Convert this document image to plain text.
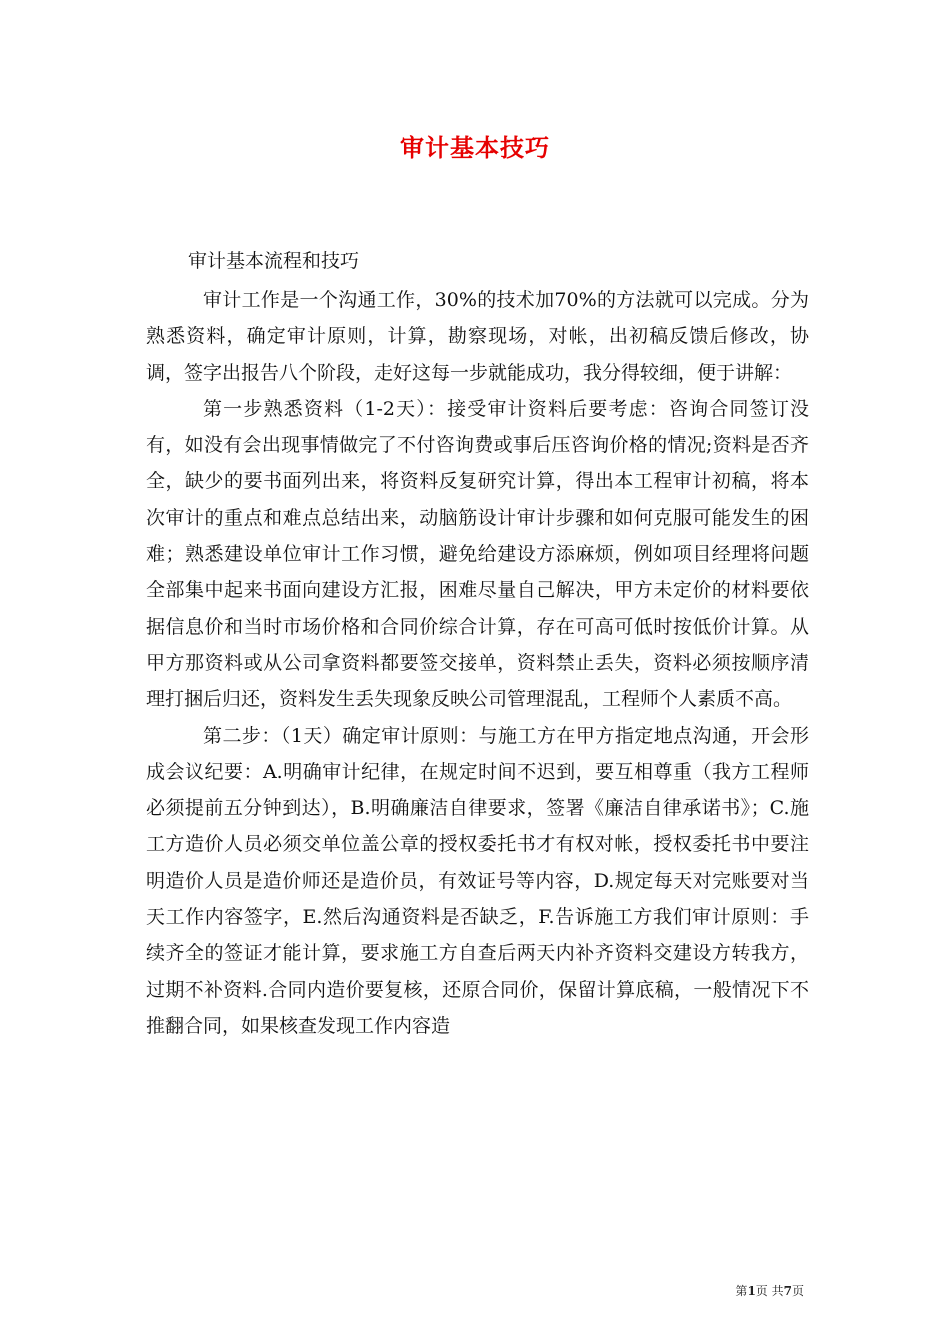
审计基本技巧

审计基本流程和技巧

审计工作是一个沟通工作，30%的技术加70%的方法就可以完成。分为熟悉资料，确定审计原则，计算，勘察现场，对帐，出初稿反馈后修改，协调，签字出报告八个阶段，走好这每一步就能成功，我分得较细，便于讲解：

第一步熟悉资料（1-2天）：接受审计资料后要考虑：咨询合同签订没有，如没有会出现事情做完了不付咨询费或事后压咨询价格的情况;资料是否齐全，缺少的要书面列出来，将资料反复研究计算，得出本工程审计初稿，将本次审计的重点和难点总结出来，动脑筋设计审计步骤和如何克服可能发生的困难；熟悉建设单位审计工作习惯，避免给建设方添麻烦，例如项目经理将问题全部集中起来书面向建设方汇报，困难尽量自己解决，甲方未定价的材料要依据信息价和当时市场价格和合同价综合计算，存在可高可低时按低价计算。从甲方那资料或从公司拿资料都要签交接单，资料禁止丢失，资料必须按顺序清理打捆后归还，资料发生丢失现象反映公司管理混乱，工程师个人素质不高。

第二步：（1天）确定审计原则：与施工方在甲方指定地点沟通，开会形成会议纪要：A.明确审计纪律，在规定时间不迟到，要互相尊重（我方工程师必须提前五分钟到达），B.明确廉洁自律要求，签署《廉洁自律承诺书》；C.施工方造价人员必须交单位盖公章的授权委托书才有权对帐，授权委托书中要注明造价人员是造价师还是造价员，有效证号等内容，D.规定每天对完账要对当天工作内容签字，E.然后沟通资料是否缺乏，F.告诉施工方我们审计原则：手续齐全的签证才能计算，要求施工方自查后两天内补齐资料交建设方转我方，过期不补资料.合同内造价要复核，还原合同价，保留计算底稿，一般情况下不推翻合同，如果核查发现工作内容造

第1页 共7页
